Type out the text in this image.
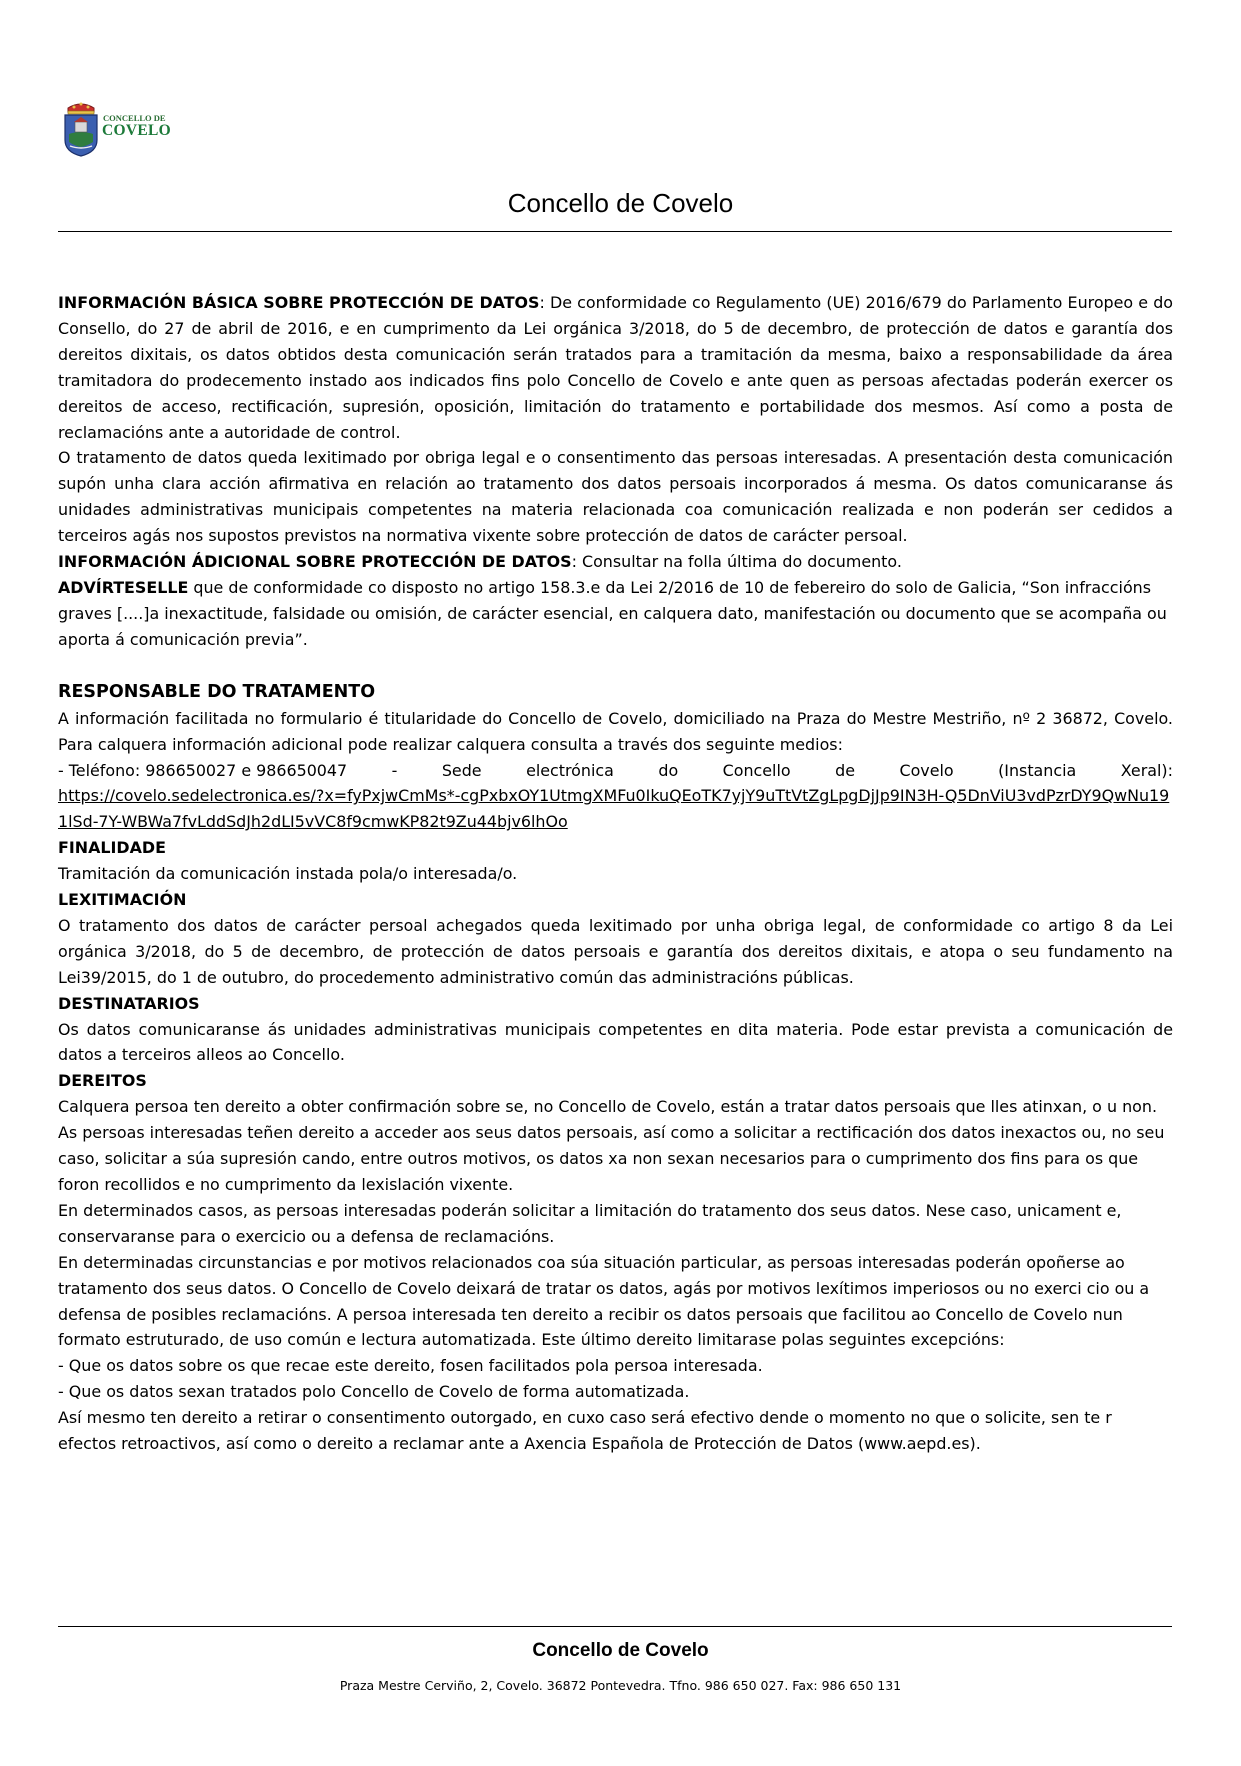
CONCELLO DE
COVELO
Concello de Covelo

INFORMACIÓN BÁSICA SOBRE PROTECCIÓN DE DATOS: De conformidade co Regulamento (UE) 2016/679 do Parlamento Europeo e do Consello, do 27 de abril de 2016, e en cumprimento da Lei orgánica 3/2018, do 5 de decembro, de protección de datos e garantía dos dereitos dixitais, os datos obtidos desta comunicación serán tratados para a tramitación da mesma, baixo a responsabilidade da área tramitadora do prodecemento instado aos indicados fins polo Concello de Covelo e ante quen as persoas afectadas poderán exercer os dereitos de acceso, rectificación, supresión, oposición, limitación do tratamento e portabilidade dos mesmos. Así como a posta de reclamacións ante a autoridade de control.

O tratamento de datos queda lexitimado por obriga legal e o consentimento das persoas interesadas. A presentación desta comunicación supón unha clara acción afirmativa en relación ao tratamento dos datos persoais incorporados á mesma. Os datos comunicaranse ás unidades administrativas municipais competentes na materia relacionada coa comunicación realizada e non poderán ser cedidos a terceiros agás nos supostos previstos na normativa vixente sobre protección de datos de carácter persoal.

INFORMACIÓN ÁDICIONAL SOBRE PROTECCIÓN DE DATOS: Consultar na folla última do documento.

ADVÍRTESELLE que de conformidade co disposto no artigo 158.3.e da Lei 2/2016 de 10 de febereiro do solo de Galicia, “Son infraccións graves [....]a inexactitude, falsidade ou omisión, de carácter esencial, en calquera dato, manifestación ou documento que se acompaña ou aporta á comunicación previa”.

RESPONSABLE DO TRATAMENTO

A información facilitada no formulario é titularidade do Concello de Covelo, domiciliado na Praza do Mestre Mestriño, nº 2 36872, Covelo. Para calquera información adicional pode realizar calquera consulta a través dos seguinte medios:

- Teléfono: 986650027 e 986650047	-	Sede	electrónica	do	Concello	de	Covelo	(Instancia	Xeral):
https://covelo.sedelectronica.es/?x=fyPxjwCmMs*-cgPxbxOY1UtmgXMFu0IkuQEoTK7yjY9uTtVtZgLpgDjJp9IN3H-Q5DnViU3vdPzrDY9QwNu191lSd-7Y-WBWa7fvLddSdJh2dLI5vVC8f9cmwKP82t9Zu44bjv6lhOo

FINALIDADE

Tramitación da comunicación instada pola/o interesada/o.

LEXITIMACIÓN

O tratamento dos datos de carácter persoal achegados queda lexitimado por unha obriga legal, de conformidade co artigo 8 da Lei orgánica 3/2018, do 5 de decembro, de protección de datos persoais e garantía dos dereitos dixitais, e atopa o seu fundamento na Lei39/2015, do 1 de outubro, do procedemento administrativo común das administracións públicas.

DESTINATARIOS

Os datos comunicaranse ás unidades administrativas municipais competentes en dita materia. Pode estar prevista a comunicación de datos a terceiros alleos ao Concello.

DEREITOS

Calquera persoa ten dereito a obter confirmación sobre se, no Concello de Covelo, están a tratar datos persoais que lles atinxan, o u non. As persoas interesadas teñen dereito a acceder aos seus datos persoais, así como a solicitar a rectificación dos datos inexactos ou, no seu caso, solicitar a súa supresión cando, entre outros motivos, os datos xa non sexan necesarios para o cumprimento dos fins para os que foron recollidos e no cumprimento da lexislación vixente.

En determinados casos, as persoas interesadas poderán solicitar a limitación do tratamento dos seus datos. Nese caso, unicament e, conservaranse para o exercicio ou a defensa de reclamacións.

En determinadas circunstancias e por motivos relacionados coa súa situación particular, as persoas interesadas poderán opoñerse ao tratamento dos seus datos. O Concello de Covelo deixará de tratar os datos, agás por motivos lexítimos imperiosos ou no exerci cio ou a defensa de posibles reclamacións. A persoa interesada ten dereito a recibir os datos persoais que facilitou ao Concello de Covelo nun formato estruturado, de uso común e lectura automatizada. Este último dereito limitarase polas seguintes excepcións:

- Que os datos sobre os que recae este dereito, fosen facilitados pola persoa interesada.

- Que os datos sexan tratados polo Concello de Covelo de forma automatizada.

Así mesmo ten dereito a retirar o consentimento outorgado, en cuxo caso será efectivo dende o momento no que o solicite, sen te r efectos retroactivos, así como o dereito a reclamar ante a Axencia Española de Protección de Datos (www.aepd.es).

Concello de Covelo
Praza Mestre Cerviño, 2, Covelo. 36872 Pontevedra. Tfno. 986 650 027. Fax: 986 650 131
